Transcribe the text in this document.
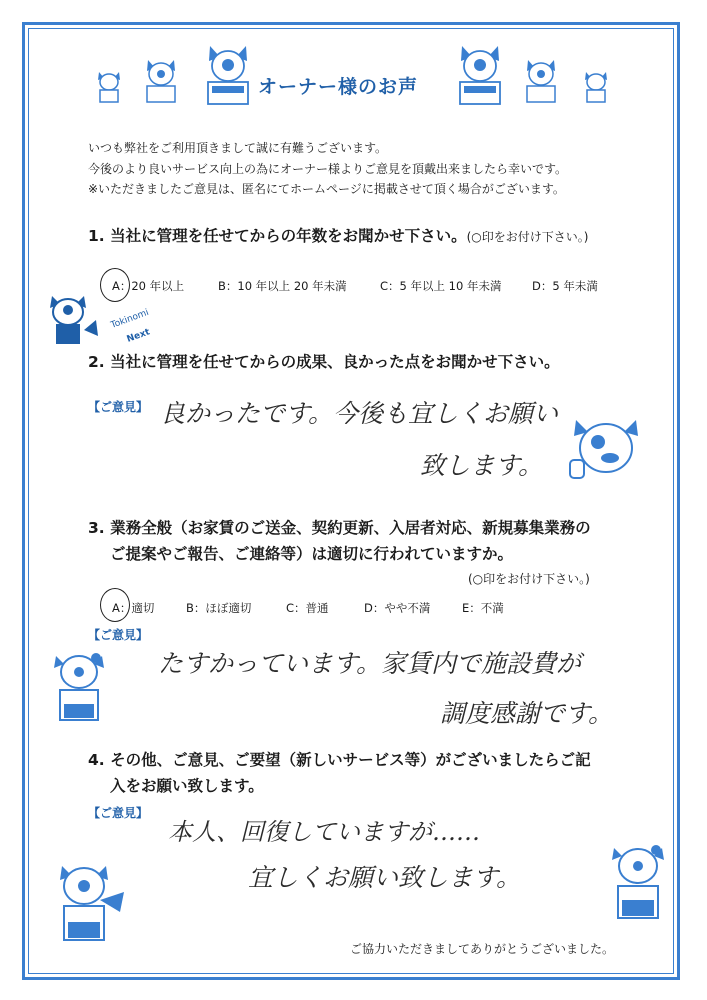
オーナー様のお声
いつも弊社をご利用頂きまして誠に有難うございます。
今後のより良いサービス向上の為にオーナー様よりご意見を頂戴出来ましたら幸いです。
※いただきましたご意見は、匿名にてホームページに掲載させて頂く場合がございます。
1. 当社に管理を任せてからの年数をお聞かせ下さい。(○印をお付け下さい。)
A：20 年以上	B：10 年以上 20 年未満	C：5 年以上 10 年未満	D：5 年未満
Tokinomi
Next
2. 当社に管理を任せてからの成果、良かった点をお聞かせ下さい。
【ご意見】 良かったです。今後も宜しくお願い
致します。
3. 業務全般（お家賃のご送金、契約更新、入居者対応、新規募集業務の
ご提案やご報告、ご連絡等）は適切に行われていますか。
(○印をお付け下さい。)
A：適切	B：ほぼ適切	C：普通	D：やや不満	E：不満
【ご意見】
たすかっています。家賃内で施設費が
調度感謝です。
4. その他、ご意見、ご要望（新しいサービス等）がございましたらご記
入をお願い致します。
【ご意見】
本人、回復していますが……
宜しくお願い致します。
ご協力いただきましてありがとうございました。
